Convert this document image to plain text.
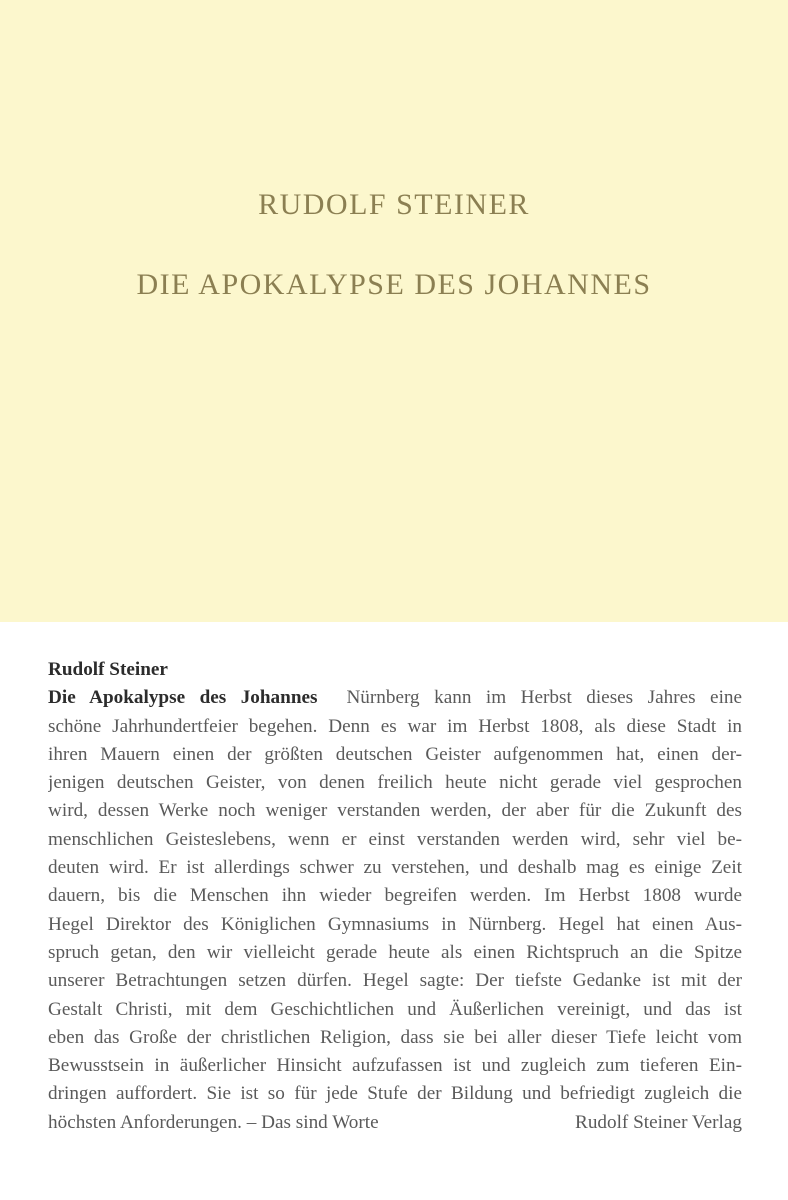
RUDOLF STEINER
DIE APOKALYPSE DES JOHANNES
Rudolf Steiner
Die Apokalypse des Johannes Nürnberg kann im Herbst dieses Jahres eine
schöne Jahrhundertfeier begehen. Denn es war im Herbst 1808, als diese Stadt in
ihren Mauern einen der größten deutschen Geister aufgenommen hat, einen der-
jenigen deutschen Geister, von denen freilich heute nicht gerade viel gesprochen
wird, dessen Werke noch weniger verstanden werden, der aber für die Zukunft des
menschlichen Geisteslebens, wenn er einst verstanden werden wird, sehr viel be-
deuten wird. Er ist allerdings schwer zu verstehen, und deshalb mag es einige Zeit
dauern, bis die Menschen ihn wieder begreifen werden. Im Herbst 1808 wurde
Hegel Direktor des Königlichen Gymnasiums in Nürnberg. Hegel hat einen Aus-
spruch getan, den wir vielleicht gerade heute als einen Richtspruch an die Spitze
unserer Betrachtungen setzen dürfen. Hegel sagte: Der tiefste Gedanke ist mit der
Gestalt Christi, mit dem Geschichtlichen und Äußerlichen vereinigt, und das ist
eben das Große der christlichen Religion, dass sie bei aller dieser Tiefe leicht vom
Bewusstsein in äußerlicher Hinsicht aufzufassen ist und zugleich zum tieferen Ein-
dringen auffordert. Sie ist so für jede Stufe der Bildung und befriedigt zugleich die
höchsten Anforderungen. – Das sind Worte	Rudolf Steiner Verlag
